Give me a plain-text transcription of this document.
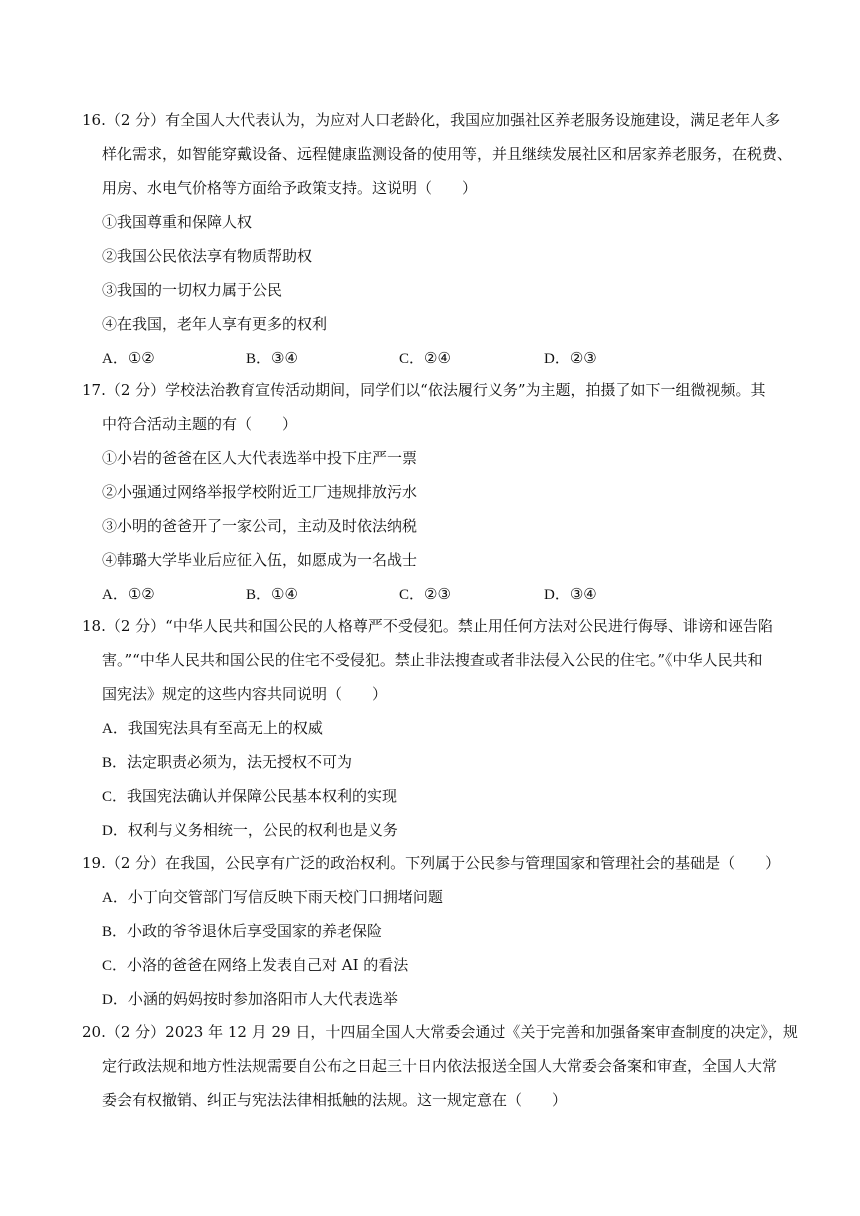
16.（2 分）有全国人大代表认为，为应对人口老龄化，我国应加强社区养老服务设施建设，满足老年人多
样化需求，如智能穿戴设备、远程健康监测设备的使用等，并且继续发展社区和居家养老服务，在税费、
用房、水电气价格等方面给予政策支持。这说明（　　）
①我国尊重和保障人权
②我国公民依法享有物质帮助权
③我国的一切权力属于公民
④在我国，老年人享有更多的权利
A．①②	B．③④	C．②④	D．②③
17.（2 分）学校法治教育宣传活动期间，同学们以“依法履行义务”为主题，拍摄了如下一组微视频。其
中符合活动主题的有（　　）
①小岩的爸爸在区人大代表选举中投下庄严一票
②小强通过网络举报学校附近工厂违规排放污水
③小明的爸爸开了一家公司，主动及时依法纳税
④韩璐大学毕业后应征入伍，如愿成为一名战士
A．①②	B．①④	C．②③	D．③④
18.（2 分）“中华人民共和国公民的人格尊严不受侵犯。禁止用任何方法对公民进行侮辱、诽谤和诬告陷
害。”“中华人民共和国公民的住宅不受侵犯。禁止非法搜查或者非法侵入公民的住宅。”《中华人民共和
国宪法》规定的这些内容共同说明（　　）
A．我国宪法具有至高无上的权威
B．法定职责必须为，法无授权不可为
C．我国宪法确认并保障公民基本权利的实现
D．权利与义务相统一，公民的权利也是义务
19.（2 分）在我国，公民享有广泛的政治权利。下列属于公民参与管理国家和管理社会的基础是（　　）
A．小丁向交管部门写信反映下雨天校门口拥堵问题
B．小政的爷爷退休后享受国家的养老保险
C．小洛的爸爸在网络上发表自己对 AI 的看法
D．小涵的妈妈按时参加洛阳市人大代表选举
20.（2 分）2023 年 12 月 29 日，十四届全国人大常委会通过《关于完善和加强备案审查制度的决定》，规
定行政法规和地方性法规需要自公布之日起三十日内依法报送全国人大常委会备案和审查，全国人大常
委会有权撤销、纠正与宪法法律相抵触的法规。这一规定意在（　　）
